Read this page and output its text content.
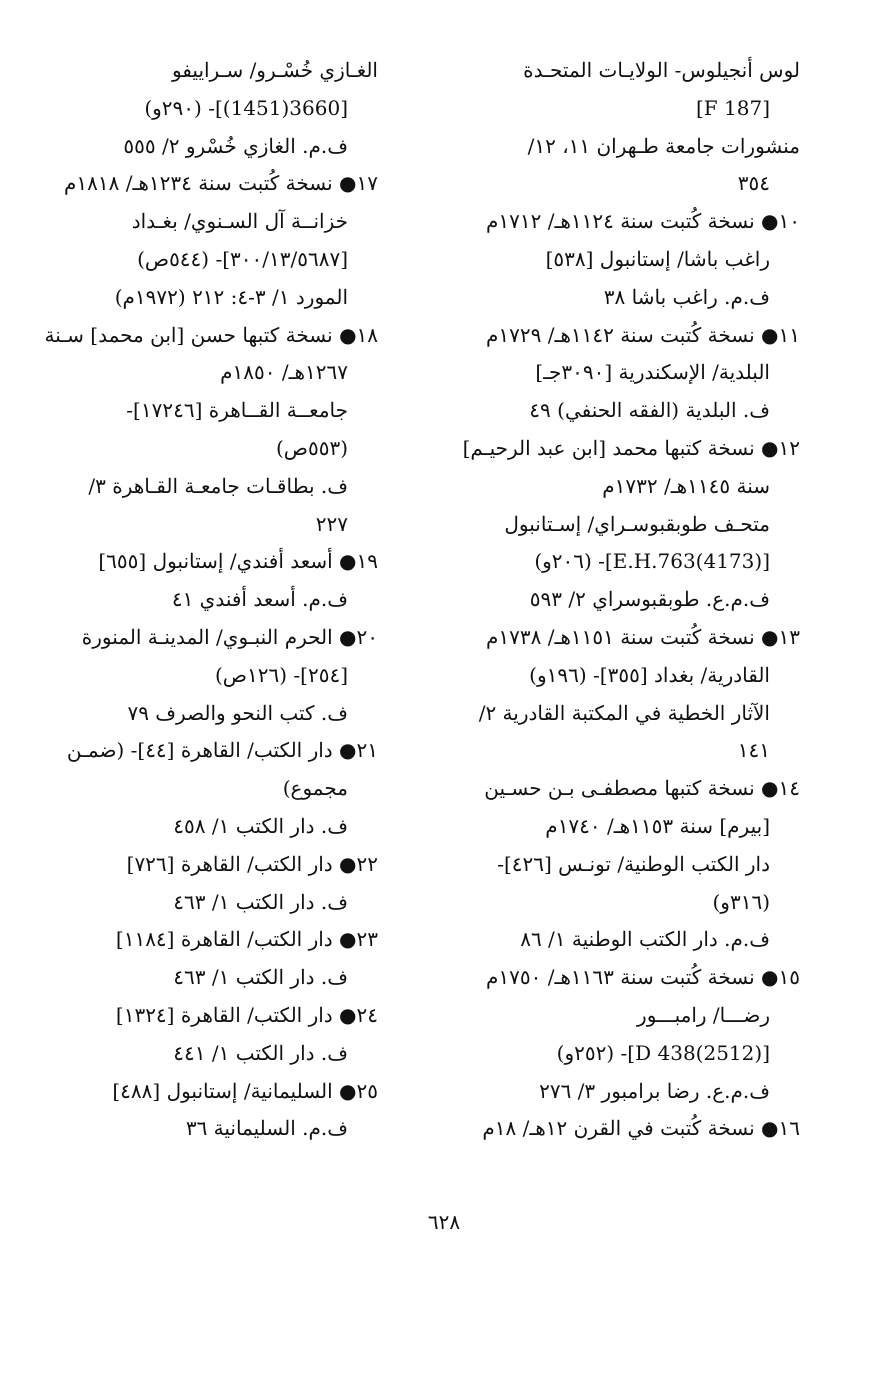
لوس أنجيلوس- الولايـات المتحـدة
[F 187]
منشورات جامعة طـهران ١١، ١٢/
٣٥٤
١٠● نسخة كُتبت سنة ١١٢٤هـ/ ١٧١٢م
راغب باشا/ إستانبول [٥٣٨]
ف.م. راغب باشا ٣٨
١١● نسخة كُتبت سنة ١١٤٢هـ/ ١٧٢٩م
البلدية/ الإسكندرية [٣٠٩٠جـ]
ف. البلدية (الفقه الحنفي) ٤٩
١٢● نسخة كتبها محمد [ابن عبد الرحيـم]
سنة ١١٤٥هـ/ ١٧٣٢م
متحـف طوبقبوسـراي/ إسـتانبول
[E.H.763(4173)]- (٢٠٦و)
ف.م.ع. طوبقبوسراي ٢/ ٥٩٣
١٣● نسخة كُتبت سنة ١١٥١هـ/ ١٧٣٨م
القادرية/ بغداد [٣٥٥]- (١٩٦و)
الآثار الخطية في المكتبة القادرية ٢/
١٤١
١٤● نسخة كتبها مصطفـى بـن حسـين
[بيرم] سنة ١١٥٣هـ/ ١٧٤٠م
دار الكتب الوطنية/ تونـس [٤٢٦]-
(٣١٦و)
ف.م. دار الكتب الوطنية ١/ ٨٦
١٥● نسخة كُتبت سنة ١١٦٣هـ/ ١٧٥٠م
رضـــا/ رامبـــور
[D 438(2512)]- (٢٥٢و)
ف.م.ع. رضا برامبور ٣/ ٢٧٦
١٦● نسخة كُتبت في القرن ١٢هـ/ ١٨م
الغـازي خُسْـرو/ سـراييفو
[3660(1451)]- (٢٩٠و)
ف.م. الغازي خُسْرو ٢/ ٥٥٥
١٧● نسخة كُتبت سنة ١٢٣٤هـ/ ١٨١٨م
خزانــة آل السـنوي/ بغـداد
[٣٠٠/١٣/٥٦٨٧]- (٥٤٤ص)
المورد ١/ ٣-٤: ٢١٢ (١٩٧٢م)
١٨● نسخة كتبها حسن [ابن محمد] سـنة
١٢٦٧هـ/ ١٨٥٠م
جامعــة القــاهرة [١٧٢٤٦]-
(٥٥٣ص)
ف. بطاقـات جامعـة القـاهرة ٣/
٢٢٧
١٩● أسعد أفندي/ إستانبول [٦٥٥]
ف.م. أسعد أفندي ٤١
٢٠● الحرم النبـوي/ المدينـة المنورة
[٢٥٤]- (١٢٦ص)
ف. كتب النحو والصرف ٧٩
٢١● دار الكتب/ القاهرة [٤٤]- (ضمـن
مجموع)
ف. دار الكتب ١/ ٤٥٨
٢٢● دار الكتب/ القاهرة [٧٢٦]
ف. دار الكتب ١/ ٤٦٣
٢٣● دار الكتب/ القاهرة [١١٨٤]
ف. دار الكتب ١/ ٤٦٣
٢٤● دار الكتب/ القاهرة [١٣٢٤]
ف. دار الكتب ١/ ٤٤١
٢٥● السليمانية/ إستانبول [٤٨٨]
ف.م. السليمانية ٣٦
٦٢٨
